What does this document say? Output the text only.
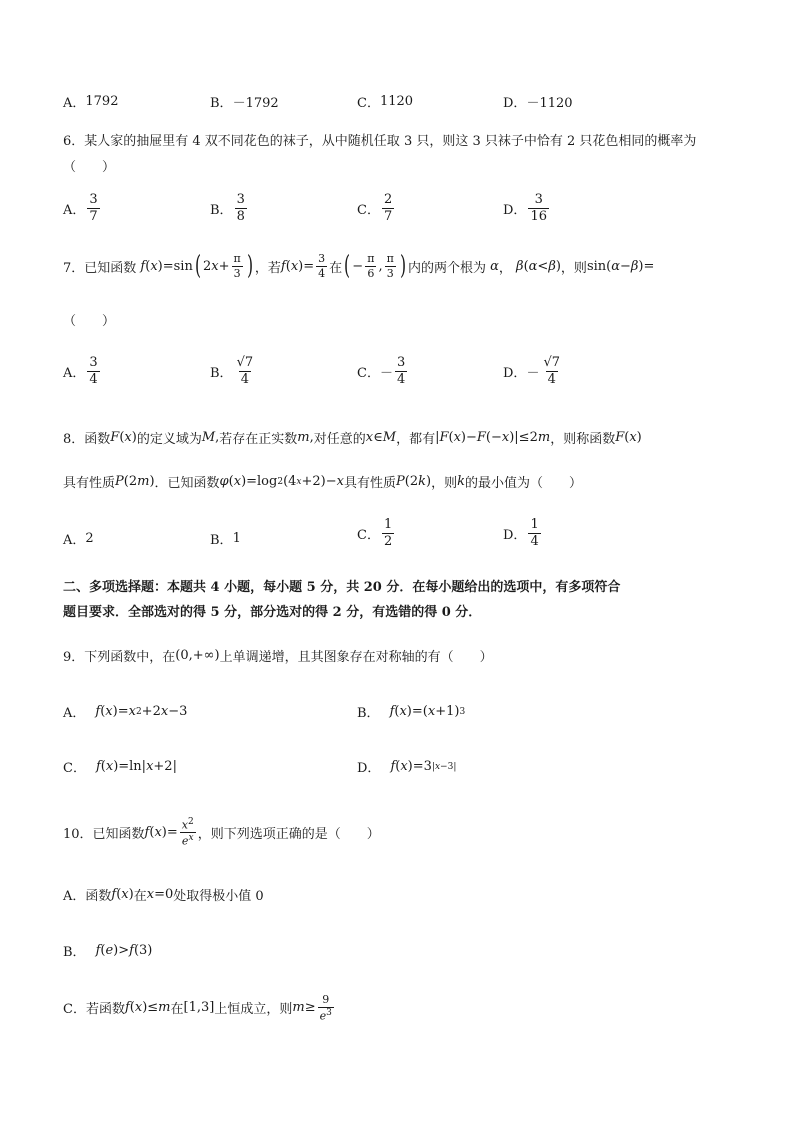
A． 1792	B． －1792	C． 1120	D． －1120
6．某人家的抽屉里有 4 双不同花色的袜子，从中随机任取 3 只，则这 3 只袜子中恰有 2 只花色相同的概率为
（　　）
A． $\frac{3}{7}$	B． $\frac{3}{8}$	C． $\frac{2}{7}$	D． $\frac{3}{16}$
7．已知函数 f ( x )=sin ( 2 $x + \frac{\pi}{3}$ ) ，若 f ( x )= $\frac{3}{4}$ 在 ( − $\frac{\pi}{6}$ , $\frac{\pi}{3}$ ) 内的两个根为 α ， β ( α < β ) ，则 sin( α − β )=
（　　）
A． $\frac{3}{4}$	B． $\frac{√7}{4}$	C． － $\frac{3}{4}$	D． － $\frac{√7}{4}$
8．函数 F ( x ) 的定义域为 M , 若存在正实数 m , 对任意的 x ∈ M ，都有 | F ( x )− F (− x )|≤2 m ，则称函数 F ( x )
具有性质 P (2 m ) ．已知函数 φ ( x )=log 2 (4 x +2)− x 具有性质 P (2 k ) ，则 k 的最小值为（　　）
A． 2	B． 1	C． $\frac{1}{2}$	D． $\frac{1}{4}$
二、多项选择题：本题共 4 小题，每小题 5 分，共 20 分．在每小题给出的选项中，有多项符合
题目要求．全部选对的得 5 分，部分选对的得 2 分，有选错的得 0 分．
9．下列函数中，在 (0,+∞) 上单调递增，且其图象存在对称轴的有（　　）
A． f ( x )= x 2 +2 x −3	B． f ( x )=( x +1) 3
C． f ( x )=ln| x +2|	D． f ( x )=3 |x−3|
10．已知函数 f ( x )= $\frac{x^2}{e^x}$ ，则下列选项正确的是（　　）
A． 函数 f ( x ) 在 x =0 处取得极小值 0
B． f ( e )> f (3)
C． 若函数 f ( x )≤ m 在 [1,3] 上恒成立，则 $m \ge \frac{9}{e^3}$
